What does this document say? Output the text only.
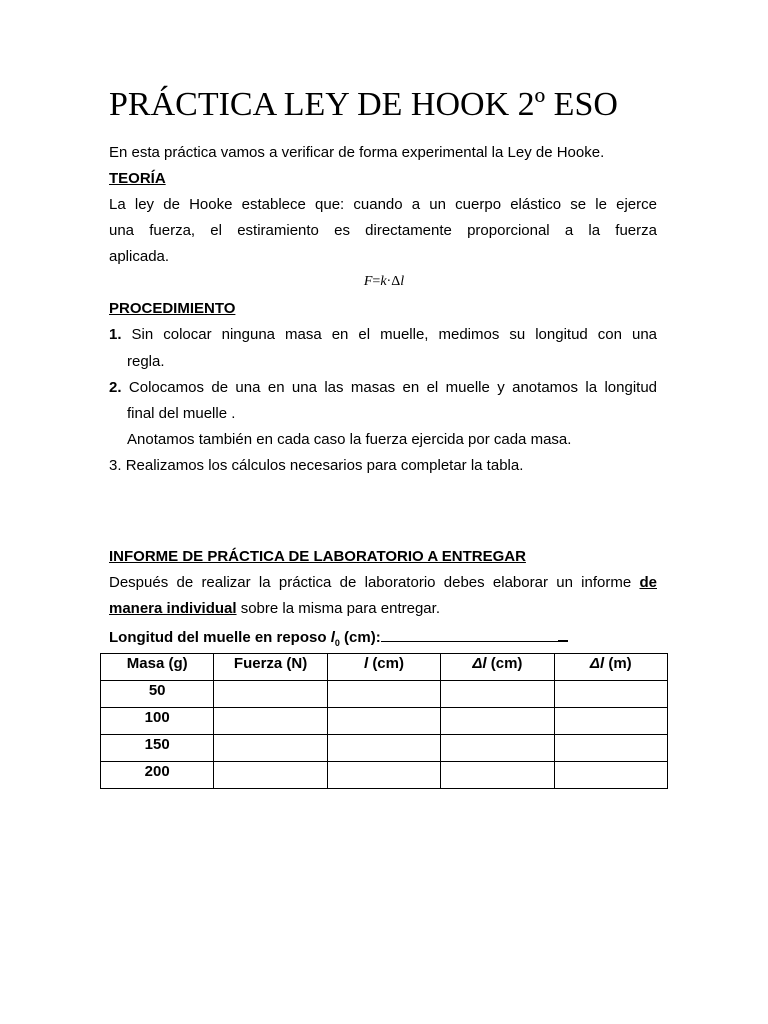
PRÁCTICA LEY DE HOOK 2º ESO
En esta práctica vamos a verificar de forma experimental la Ley de Hooke.
TEORÍA
La ley de Hooke establece que: cuando a un cuerpo elástico se le ejerce
una fuerza, el estiramiento es directamente proporcional a la fuerza
aplicada.
F=k·Δl
PROCEDIMIENTO
1. Sin colocar ninguna masa en el muelle, medimos su longitud con una
regla.
2. Colocamos de una en una las masas en el muelle y anotamos la longitud
final del muelle .
Anotamos también en cada caso la fuerza ejercida por cada masa.
3. Realizamos los cálculos necesarios para completar la tabla.
INFORME DE PRÁCTICA DE LABORATORIO A ENTREGAR
Después de realizar la práctica de laboratorio debes elaborar un informe de
manera individual sobre la misma para entregar.
Longitud del muelle en reposo $l_0$ (cm):
Masa (g)	Fuerza (N)	l (cm)	Δl (cm)	Δl (m)
50				
100				
150				
200				
